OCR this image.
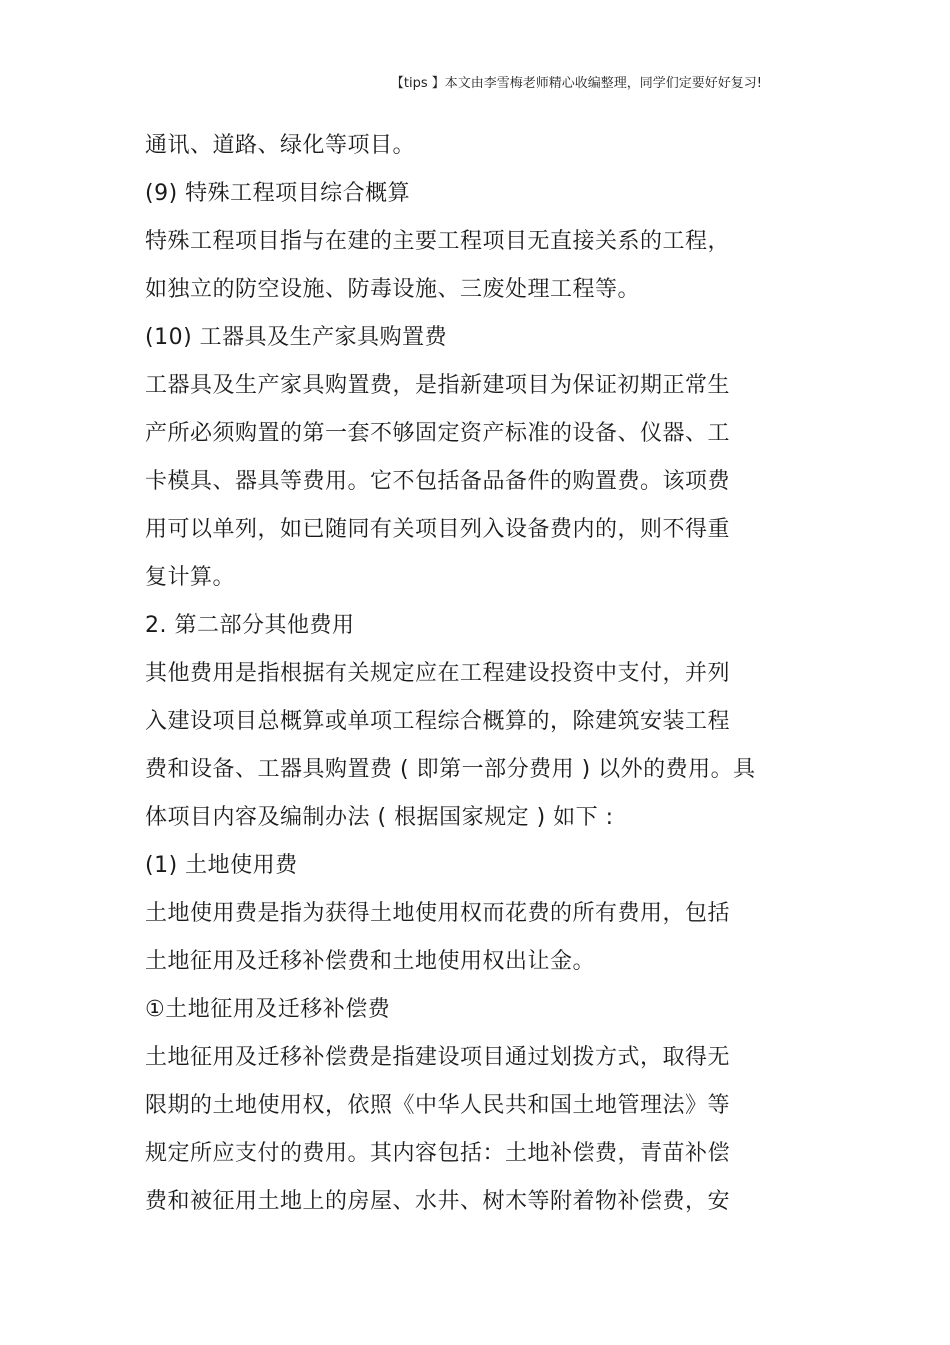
【tips 】本文由李雪梅老师精心收编整理，同学们定要好好复习!
通讯、道路、绿化等项目。
(9) 特殊工程项目综合概算
特殊工程项目指与在建的主要工程项目无直接关系的工程，
如独立的防空设施、防毒设施、三废处理工程等。
(10) 工器具及生产家具购置费
工器具及生产家具购置费，是指新建项目为保证初期正常生
产所必须购置的第一套不够固定资产标准的设备、仪器、工
卡模具、器具等费用。它不包括备品备件的购置费。该项费
用可以单列，如已随同有关项目列入设备费内的，则不得重
复计算。
2. 第二部分其他费用
其他费用是指根据有关规定应在工程建设投资中支付，并列
入建设项目总概算或单项工程综合概算的，除建筑安装工程
费和设备、工器具购置费 ( 即第一部分费用 ) 以外的费用。具
体项目内容及编制办法 ( 根据国家规定 ) 如下 :
(1) 土地使用费
土地使用费是指为获得土地使用权而花费的所有费用，包括
土地征用及迁移补偿费和土地使用权出让金。
①土地征用及迁移补偿费
土地征用及迁移补偿费是指建设项目通过划拨方式，取得无
限期的土地使用权，依照《中华人民共和国土地管理法》等
规定所应支付的费用。其内容包括：土地补偿费，青苗补偿
费和被征用土地上的房屋、水井、树木等附着物补偿费，安
